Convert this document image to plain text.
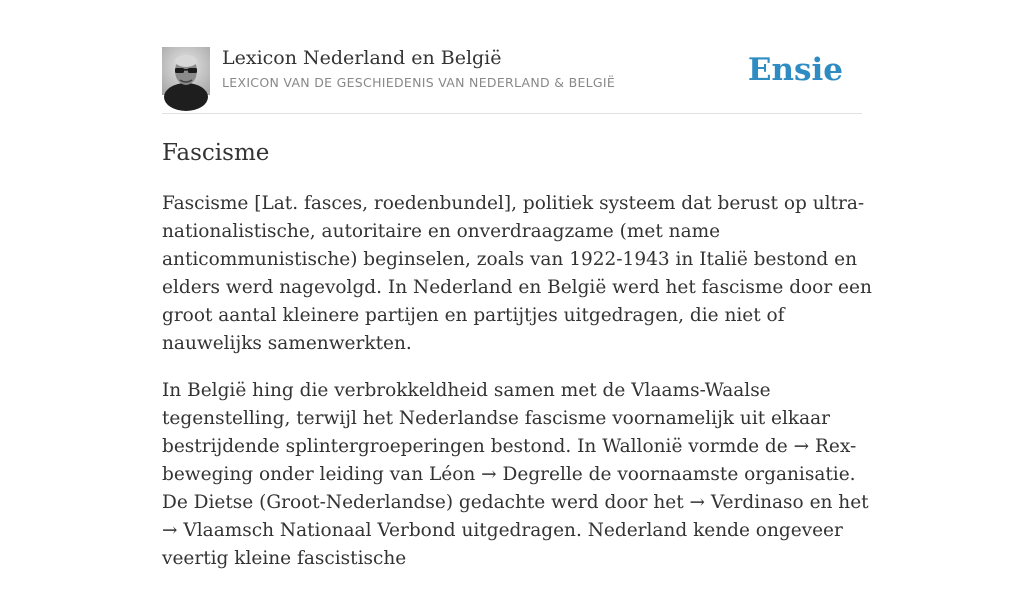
Lexicon Nederland en België
LEXICON VAN DE GESCHIEDENIS VAN NEDERLAND & BELGIË	Ensie
Fascisme

Fascisme [Lat. fasces, roedenbundel], politiek systeem dat berust op ultra-nationalistische, autoritaire en onverdraagzame (met name anticommunistische) beginselen, zoals van 1922-1943 in Italië bestond en elders werd nagevolgd. In Nederland en België werd het fascisme door een groot aantal kleinere partijen en partijtjes uitgedragen, die niet of nauwelijks samenwerkten.

In België hing die verbrokkeldheid samen met de Vlaams-Waalse tegenstelling, terwijl het Nederlandse fascisme voornamelijk uit elkaar bestrijdende splintergroeperingen bestond. In Wallonië vormde de → Rex-beweging onder leiding van Léon → Degrelle de voornaamste organisatie. De Dietse (Groot-Nederlandse) gedachte werd door het → Verdinaso en het → Vlaamsch Nationaal Verbond uitgedragen. Nederland kende ongeveer veertig kleine fascistische
